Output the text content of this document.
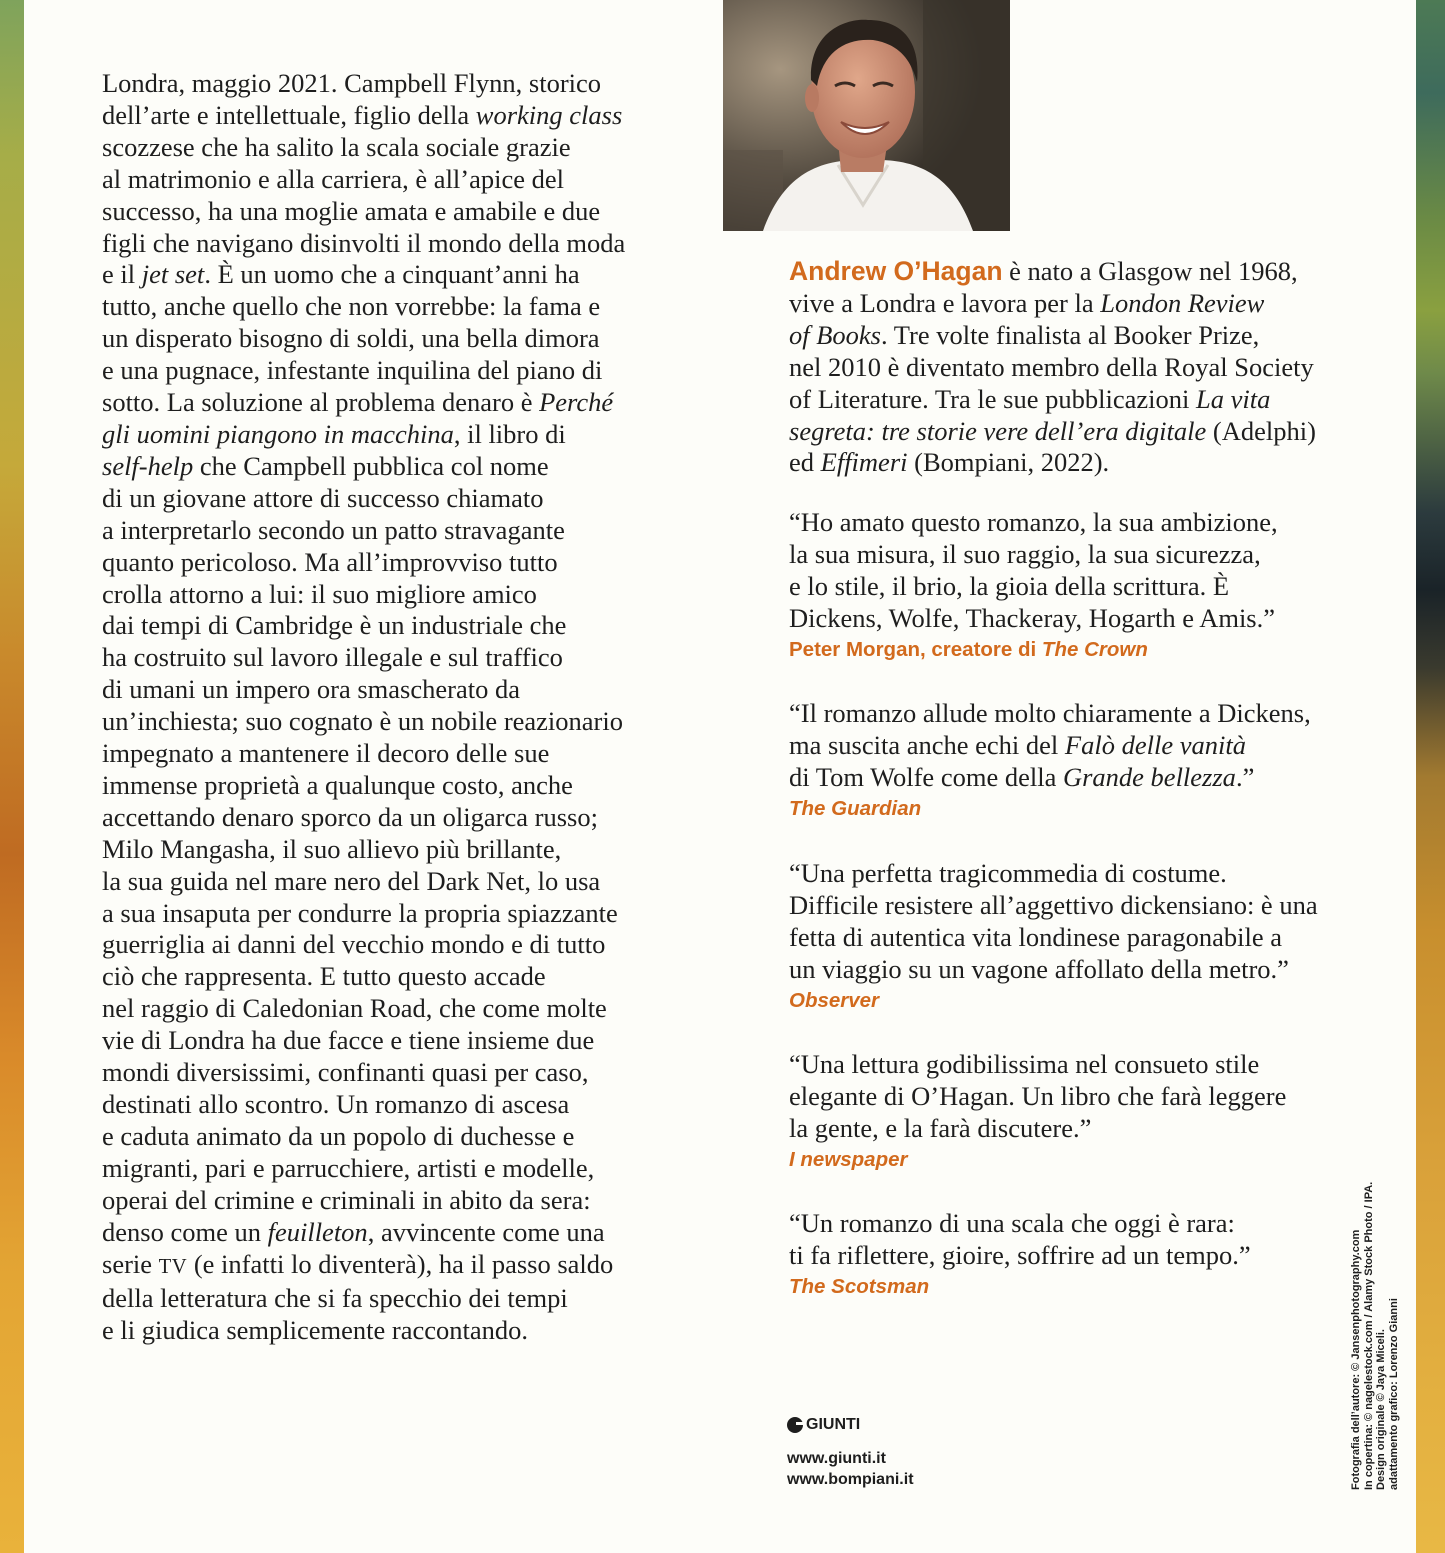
Londra, maggio 2021. Campbell Flynn, storico

dell’arte e intellettuale, figlio della working class

scozzese che ha salito la scala sociale grazie

al matrimonio e alla carriera, è all’apice del

successo, ha una moglie amata e amabile e due

figli che navigano disinvolti il mondo della moda

e il jet set. È un uomo che a cinquant’anni ha

tutto, anche quello che non vorrebbe: la fama e

un disperato bisogno di soldi, una bella dimora

e una pugnace, infestante inquilina del piano di

sotto. La soluzione al problema denaro è Perché

gli uomini piangono in macchina, il libro di

self-help che Campbell pubblica col nome

di un giovane attore di successo chiamato

a interpretarlo secondo un patto stravagante

quanto pericoloso. Ma all’improvviso tutto

crolla attorno a lui: il suo migliore amico

dai tempi di Cambridge è un industriale che

ha costruito sul lavoro illegale e sul traffico

di umani un impero ora smascherato da

un’inchiesta; suo cognato è un nobile reazionario

impegnato a mantenere il decoro delle sue

immense proprietà a qualunque costo, anche

accettando denaro sporco da un oligarca russo;

Milo Mangasha, il suo allievo più brillante,

la sua guida nel mare nero del Dark Net, lo usa

a sua insaputa per condurre la propria spiazzante

guerriglia ai danni del vecchio mondo e di tutto

ciò che rappresenta. E tutto questo accade

nel raggio di Caledonian Road, che come molte

vie di Londra ha due facce e tiene insieme due

mondi diversissimi, confinanti quasi per caso,

destinati allo scontro. Un romanzo di ascesa

e caduta animato da un popolo di duchesse e

migranti, pari e parrucchiere, artisti e modelle,

operai del crimine e criminali in abito da sera:

denso come un feuilleton, avvincente come una

serie TV (e infatti lo diventerà), ha il passo saldo

della letteratura che si fa specchio dei tempi

e li giudica semplicemente raccontando.

Andrew O’Hagan è nato a Glasgow nel 1968,

vive a Londra e lavora per la London Review

of Books. Tre volte finalista al Booker Prize,

nel 2010 è diventato membro della Royal Society

of Literature. Tra le sue pubblicazioni La vita

segreta: tre storie vere dell’era digitale (Adelphi)

ed Effimeri (Bompiani, 2022).

“Ho amato questo romanzo, la sua ambizione,

la sua misura, il suo raggio, la sua sicurezza,

e lo stile, il brio, la gioia della scrittura. È

Dickens, Wolfe, Thackeray, Hogarth e Amis.”

Peter Morgan, creatore di The Crown

“Il romanzo allude molto chiaramente a Dickens,

ma suscita anche echi del Falò delle vanità

di Tom Wolfe come della Grande bellezza.”

The Guardian

“Una perfetta tragicommedia di costume.

Difficile resistere all’aggettivo dickensiano: è una

fetta di autentica vita londinese paragonabile a

un viaggio su un vagone affollato della metro.”

Observer

“Una lettura godibilissima nel consueto stile

elegante di O’Hagan. Un libro che farà leggere

la gente, e la farà discutere.”

I newspaper

“Un romanzo di una scala che oggi è rara:

ti fa riflettere, gioire, soffrire ad un tempo.”

The Scotsman
GIUNTI
www.giunti.it
www.bompiani.it	Fotografia dell’autore: © Jansenphotography.com In copertina: © nagelestock.com / Alamy Stock Photo / IPA. Design originale © Jaya Miceli. adattamento grafico: Lorenzo Gianni
